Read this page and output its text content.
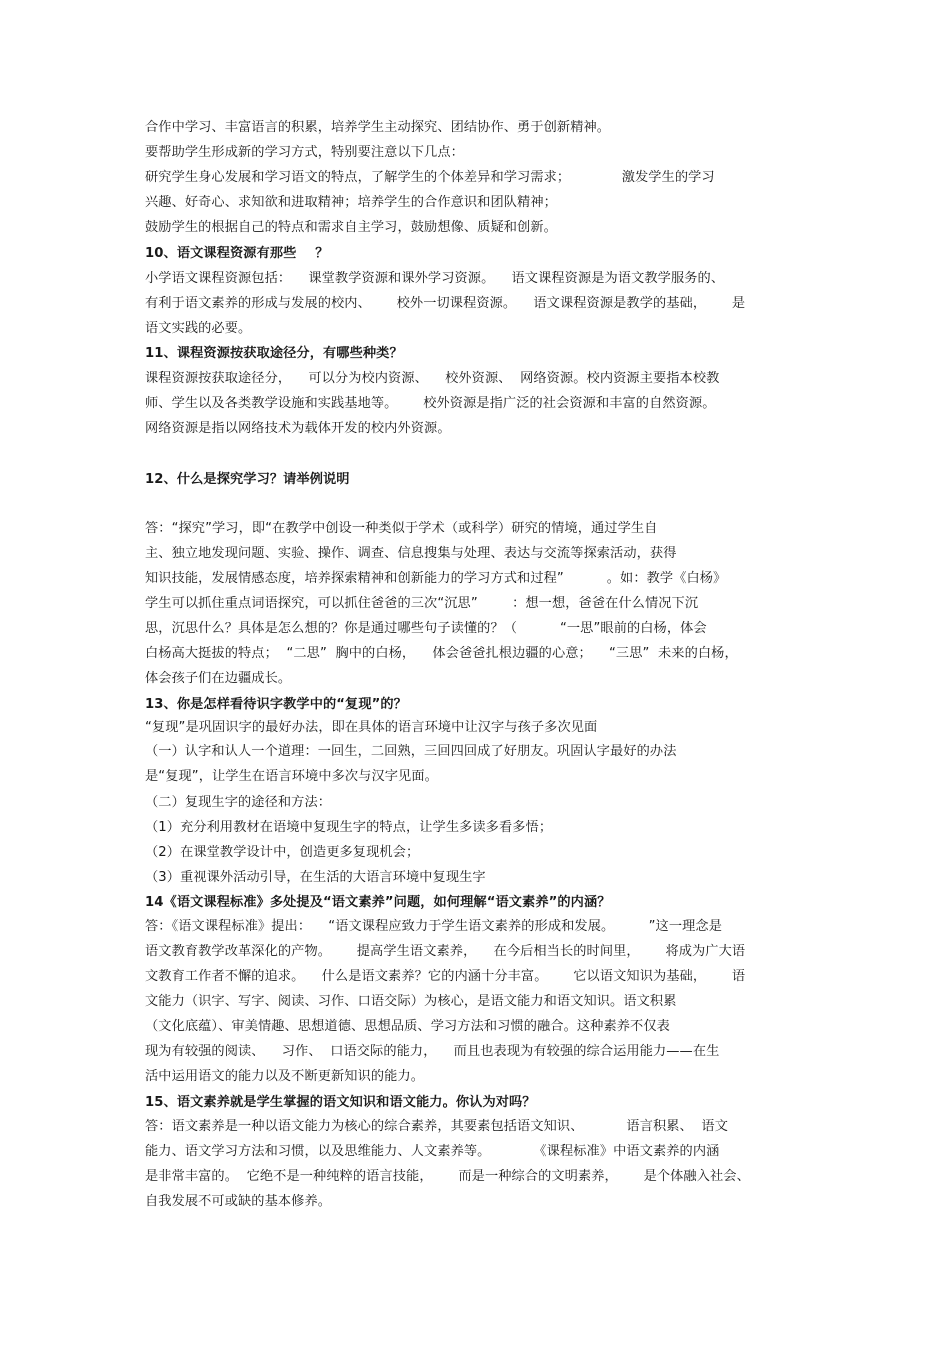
合作中学习、丰富语言的积累，培养学生主动探究、团结协作、勇于创新精神。
要帮助学生形成新的学习方式，特别要注意以下几点：
研究学生身心发展和学习语文的特点，了解学生的个体差异和学习需求；            激发学生的学习
兴趣、好奇心、求知欲和进取精神；培养学生的合作意识和团队精神；
鼓励学生的根据自己的特点和需求自主学习，鼓励想像、质疑和创新。
10、语文课程资源有那些    ？
小学语文课程资源包括：    课堂教学资源和课外学习资源。    语文课程资源是为语文教学服务的、
有利于语文素养的形成与发展的校内、      校外一切课程资源。    语文课程资源是教学的基础，      是
语文实践的必要。
11、课程资源按获取途径分，有哪些种类？
课程资源按获取途径分，    可以分为校内资源、    校外资源、  网络资源。校内资源主要指本校教
师、学生以及各类教学设施和实践基地等。      校外资源是指广泛的社会资源和丰富的自然资源。
网络资源是指以网络技术为载体开发的校内外资源。
12、什么是探究学习？请举例说明
答：“探究”学习，即“在教学中创设一种类似于学术（或科学）研究的情境，通过学生自
主、独立地发现问题、实验、操作、调查、信息搜集与处理、表达与交流等探索活动，获得
知识技能，发展情感态度，培养探索精神和创新能力的学习方式和过程”          。如：教学《白杨》
学生可以抓住重点词语探究，可以抓住爸爸的三次“沉思”        ：想一想，爸爸在什么情况下沉
思，沉思什么？具体是怎么想的？你是通过哪些句子读懂的？（          “一思”眼前的白杨，体会
白杨高大挺拔的特点；  “二思”  胸中的白杨，    体会爸爸扎根边疆的心意；    “三思”  未来的白杨，
体会孩子们在边疆成长。
13、你是怎样看待识字教学中的“复现”的？
“复现”是巩固识字的最好办法，即在具体的语言环境中让汉字与孩子多次见面
（一）认字和认人一个道理：一回生，二回熟，三回四回成了好朋友。巩固认字最好的办法
是“复现”，让学生在语言环境中多次与汉字见面。
（二）复现生字的途径和方法：
（1）充分利用教材在语境中复现生字的特点，让学生多读多看多悟；
（2）在课堂教学设计中，创造更多复现机会；
（3）重视课外活动引导，在生活的大语言环境中复现生字
14《语文课程标准》多处提及“语文素养”问题，如何理解“语文素养”的内涵？
答：《语文课程标准》提出：    “语文课程应致力于学生语文素养的形成和发展。        ”这一理念是
语文教育教学改革深化的产物。      提高学生语文素养，    在今后相当长的时间里，      将成为广大语
文教育工作者不懈的追求。    什么是语文素养？它的内涵十分丰富。      它以语文知识为基础，      语
文能力（识字、写字、阅读、习作、口语交际）为核心，是语文能力和语文知识。语文积累
（文化底蕴）、审美情趣、思想道德、思想品质、学习方法和习惯的融合。这种素养不仅表
现为有较强的阅读、    习作、  口语交际的能力，    而且也表现为有较强的综合运用能力——在生
活中运用语文的能力以及不断更新知识的能力。
15、语文素养就是学生掌握的语文知识和语文能力。你认为对吗？
答：语文素养是一种以语文能力为核心的综合素养，其要素包括语文知识、          语言积累、  语文
能力、语文学习方法和习惯，以及思维能力、人文素养等。          《课程标准》中语文素养的内涵
是非常丰富的。  它绝不是一种纯粹的语言技能，      而是一种综合的文明素养，      是个体融入社会、
自我发展不可或缺的基本修养。
